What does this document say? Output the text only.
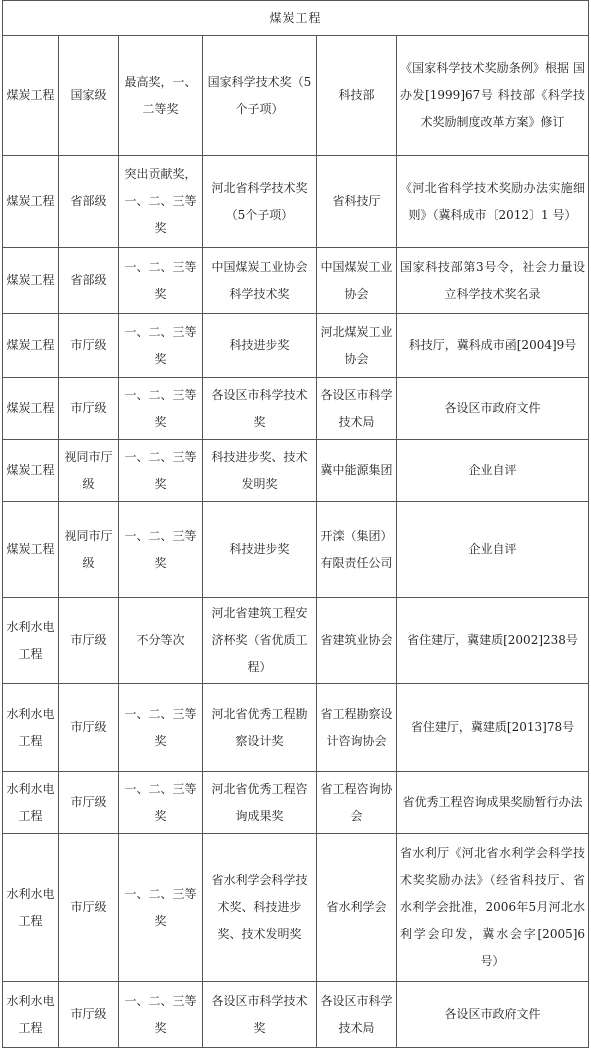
煤炭工程					
煤炭工程	国家级	最高奖，一、二等奖	国家科学技术奖（5个子项）	科技部	《国家科学技术奖励条例》根据 国办发[1999]67号 科技部《科学技术奖励制度改革方案》修订
煤炭工程	省部级	突出贡献奖，一、二、三等奖	河北省科学技术奖（5个子项）	省科技厅	《河北省科学技术奖励办法实施细则》（冀科成市〔2012〕1 号）
煤炭工程	省部级	一、二、三等奖	中国煤炭工业协会科学技术奖	中国煤炭工业协会	国家科技部第3号令，社会力量设立科学技术奖名录
煤炭工程	市厅级	一、二、三等奖	科技进步奖	河北煤炭工业协会	科技厅，冀科成市函[2004]9号
煤炭工程	市厅级	一、二、三等奖	各设区市科学技术奖	各设区市科学技术局	各设区市政府文件
煤炭工程	视同市厅级	一、二、三等奖	科技进步奖、技术发明奖	冀中能源集团	企业自评
煤炭工程	视同市厅级	一、二、三等奖	科技进步奖	开滦（集团）有限责任公司	企业自评
水利水电工程	市厅级	不分等次	河北省建筑工程安济杯奖（省优质工程）	省建筑业协会	省住建厅，冀建质[2002]238号
水利水电工程	市厅级	一、二、三等奖	河北省优秀工程勘察设计奖	省工程勘察设计咨询协会	省住建厅，冀建质[2013]78号
水利水电工程	市厅级	一、二、三等奖	河北省优秀工程咨询成果奖	省工程咨询协会	省优秀工程咨询成果奖励暂行办法
水利水电工程	市厅级	一、二、三等奖	省水利学会科学技术奖、科技进步奖、技术发明奖	省水利学会	省水利厅《河北省水利学会科学技术奖奖励办法》（经省科技厅、省水利学会批准，2006年5月河北水利学会印发，冀水会字[2005]6号）
水利水电工程	市厅级	一、二、三等奖	各设区市科学技术奖	各设区市科学技术局	各设区市政府文件
